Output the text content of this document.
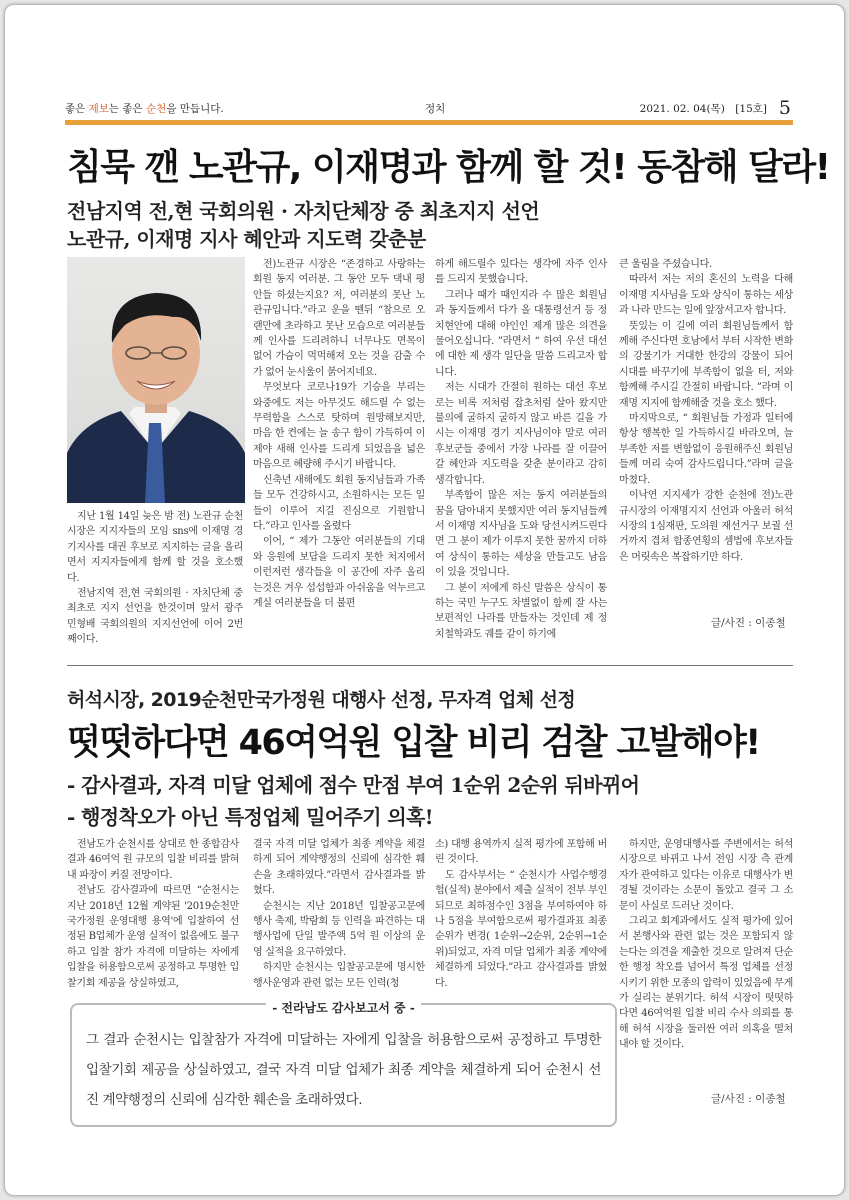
좋은 제보는 좋은 순천을 만듭니다.	정치	2021. 02. 04(목)　[15호] 5
침묵 깬 노관규, 이재명과 함께 할 것! 동참해 달라!
전남지역 전,현 국회의원 · 자치단체장 중 최초지지 선언
노관규, 이재명 지사 혜안과 지도력 갖춘분

지난 1월 14일 늦은 밤 전) 노관규 순천시장은 지지자들의 모임 sns에 이재명 경기지사를 대권 후보로 지지하는 글을 올리면서 지지자들에게 함께 할 것을 호소했다.

전남지역 전,현 국회의원 · 자치단체 중 최초로 지지 선언을 한것이며 앞서 광주 민형배 국회의원의 지지선언에 이어 2번째이다.

전)노관규 시장은 “존경하고 사랑하는 회원 동지 여러분. 그 동안 모두 댁내 평안들 하셨는지요? 저, 여러분의 못난 노관규입니다.”라고 운을 뗀뒤 “참으로 오랜만에 초라하고 못난 모습으로 여러분들께 인사를 드리려하니 너무나도 면목이 없어 가슴이 먹먹해져 오는 것을 감출 수가 없어 눈시울이 붉어지네요.

무엇보다 코로나19가 기승을 부리는 와중에도 저는 아무것도 해드릴 수 없는 무력함을 스스로 탓하며 원망해보지만, 마음 한 켠에는 늘 송구 함이 가득하여 이제야 새해 인사를 드리게 되었음을 넓은 마음으로 혜량해 주시기 바랍니다.

신축년 새해에도 회원 동지님들과 가족들 모두 건강하시고, 소원하시는 모든 일들이 이루어 지길 진심으로 기원합니다.”라고 인사를 올렸다

이어, “ 제가 그동안 여러분들의 기대와 응원에 보답을 드리지 못한 처지에서 이런저런 생각들을 이 공간에 자주 올리는것은 겨우 섭섭함과 아쉬움을 억누르고 계실 여러분들을 더 불편

하게 해드릴수 있다는 생각에 자주 인사를 드리지 못했습니다.

그러나 때가 때인지라 수 많은 회원님과 동지들께서 다가 올 대통령선거 등 정치현안에 대해 야인인 제게 많은 의견을 물어오십니다. ”라면서 “ 하여 우선 대선에 대한 제 생각 일단을 말씀 드리고자 합니다.

저는 시대가 간절히 원하는 대선 후보로는 비록 저처럼 잡초처럼 살아 왔지만 불의에 굴하지 굴하지 않고 바른 길을 가시는 이재명 경기 지사님이야 말로 여러 후보군들 중에서 가장 나라를 잘 이끌어 갈 혜안과 지도력을 갖춘 분이라고 감히 생각합니다.

부족함이 많은 저는 동지 여러분들의 꿈을 담아내지 못했지만 여러 동지님들께서 이재명 지사님을 도와 당선시켜드린다면 그 분이 제가 이루지 못한 꿈까지 더하여 상식이 통하는 세상을 만들고도 남음이 있을 것입니다.

그 분이 저에게 하신 말씀은 상식이 통하는 국민 누구도 차별없이 함께 잘 사는 보편적인 나라를 만들자는 것인데 제 정치철학과도 궤를 같이 하기에

큰 울림을 주셨습니다.

따라서 저는 저의 혼신의 노력을 다해 이재명 지사님을 도와 상식이 통하는 세상과 나라 만드는 일에 앞장서고자 합니다.

뜻있는 이 길에 여러 회원님들께서 함께해 주신다면 호남에서 부터 시작한 변화의 강물기가 거대한 한강의 강물이 되어 시대를 바꾸기에 부족함이 없을 터, 저와 함께해 주시길 간절히 바랍니다. ”라며 이재명 지지에 함께해줄 것을 호소 했다.

마지막으로, “ 회원님들 가정과 일터에 항상 행복한 일 가득하시길 바라오며, 늘 부족한 저를 변함없이 응원해주신 회원님들께 머리 숙여 감사드립니다.”라며 글을 마쳤다.

이낙연 지지세가 강한 순천에 전)노관규시장의 이재명지지 선언과 아울러 허석시장의 1심재판, 도의원 재선거구 보궐 선거까지 겹쳐 합종연횡의 셈법에 후보자들은 머릿속은 복잡하기만 하다.

글/사진 : 이종철
허석시장, 2019순천만국가정원 대행사 선정, 무자격 업체 선정
떳떳하다면 46여억원 입찰 비리 검찰 고발해야!
- 감사결과, 자격 미달 업체에 점수 만점 부여 1순위 2순위 뒤바뀌어
- 행정착오가 아닌 특정업체 밀어주기 의혹!

전남도가 순천시를 상대로 한 종합감사결과 46여억 원 규모의 입찰 비리를 밝혀내 파장이 커질 전망이다.

전남도 감사결과에 따르면 “순천시는 지난 2018년 12월 계약된 '2019순천만국가정원 운영대행 용역'에 입찰하여 선정된 B업체가 운영 실적이 없음에도 불구하고 입찰 참가 자격에 미달하는 자에게 입찰을 허용함으로써 공정하고 투명한 입찰기회 제공을 상실하였고,

결국 자격 미달 업체가 최종 계약을 체결하게 되어 계약행정의 신뢰에 심각한 훼손을 초래하였다.”라면서 감사결과를 밝혔다.

순천시는 지난 2018년 입찰공고문에 행사 축제, 박람회 등 인력을 파견하는 대행사업에 단일 발주액 5억 원 이상의 운영 실적을 요구하였다.

하지만 순천시는 입찰공고문에 명시한 행사운영과 관련 없는 모든 인력(청

소) 대행 용역까지 실적 평가에 포함해 버린 것이다.

도 감사부서는 “ 순천시가 사업수행경험(실적) 분야에서 제출 실적이 전부 부인되므로 최하점수인 3점을 부여하여야 하나 5점을 부여함으로써 평가결과표 최종 순위가 변경( 1순위→2순위, 2순위→1순위)되었고, 자격 미달 업체가 최종 계약에 체결하게 되었다.”라고 감사결과를 밝혔다.

하지만, 운영대행사를 주변에서는 허석 시장으로 바뀌고 나서 전임 시장 측 관계자가 관여하고 있다는 이유로 대행사가 변경될 것이라는 소문이 돌았고 결국 그 소문이 사실로 드러난 것이다.

그리고 회계과에서도 실적 평가에 있어서 본행사와 관련 없는 것은 포함되지 않는다는 의견을 제출한 것으로 알려져 단순한 행정 착오를 넘어서 특정 업체를 선정시키기 위한 모종의 압력이 있었음에 무게가 실리는 분위기다. 허석 시장이 떳떳하다면 46여억원 입찰 비리 수사 의뢰를 통해 허석 시장을 둘러싼 여러 의혹을 떨쳐내야 할 것이다.

글/사진 : 이종철
- 전라남도 감사보고서 중 -
그 결과 순천시는 입찰참가 자격에 미달하는 자에게 입찰을 허용함으로써 공정하고 투명한 입찰기회 제공을 상실하였고, 결국 자격 미달 업체가 최종 계약을 체결하게 되어 순천시 선진 계약행정의 신뢰에 심각한 훼손을 초래하였다.
